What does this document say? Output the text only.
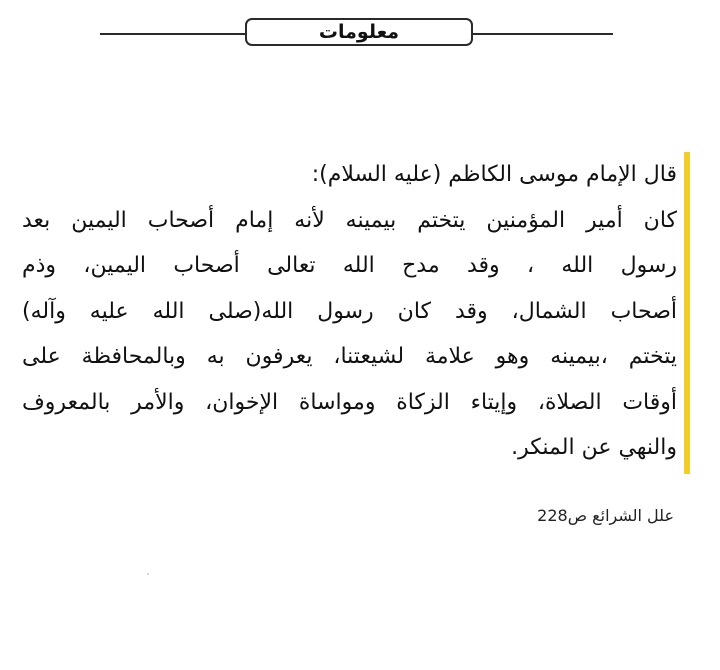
معلومات

قال الإمام موسى الكاظم (عليه السلام):

كان أمير المؤمنين يتختم بيمينه لأنه إمام أصحاب اليمين بعد

رسول الله ، وقد مدح الله تعالى أصحاب اليمين، وذم

أصحاب الشمال، وقد كان رسول الله(صلى الله عليه وآله)

يتختم ،بيمينه وهو علامة لشيعتنا، يعرفون به وبالمحافظة على

أوقات الصلاة، وإيتاء الزكاة ومواساة الإخوان، والأمر بالمعروف

والنهي عن المنكر.

علل الشرائع ص228
